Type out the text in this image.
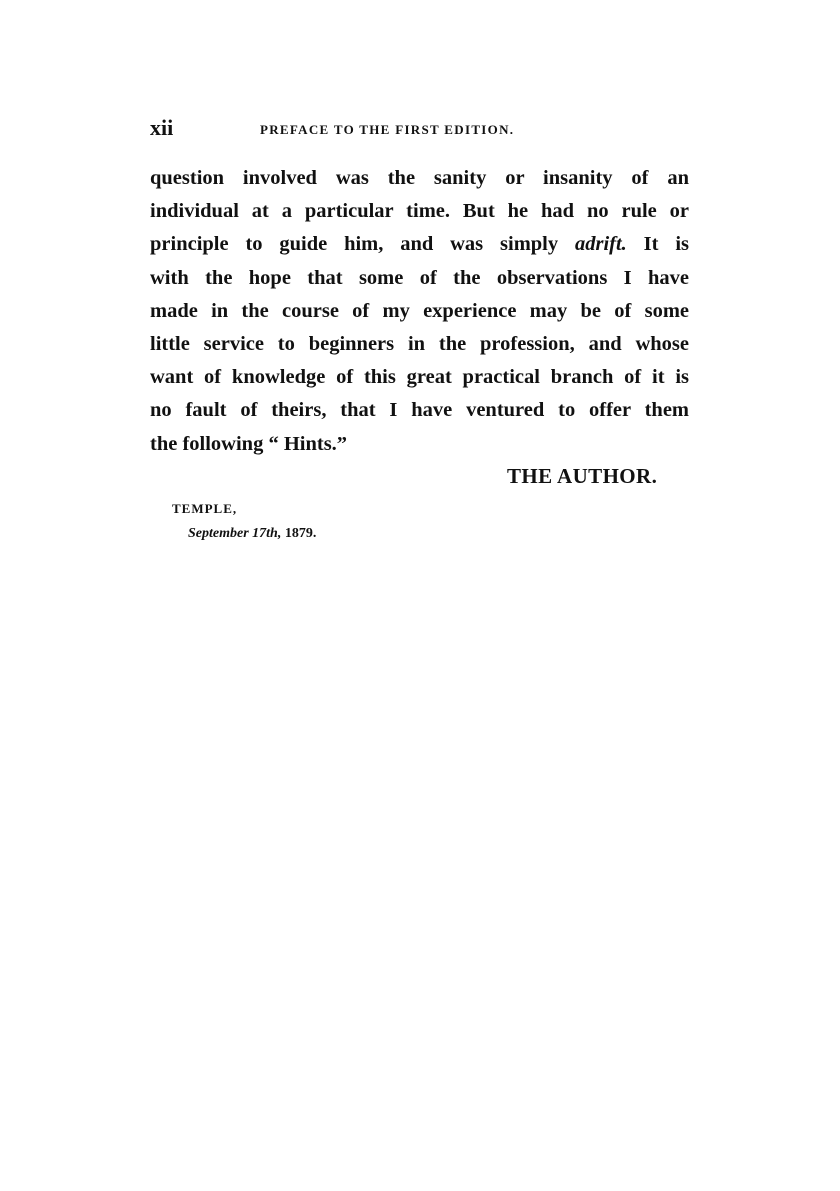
xii	PREFACE TO THE FIRST EDITION.
question involved was the sanity or insanity of an
individual at a particular time. But he had no rule or
principle to guide him, and was simply adrift. It is
with the hope that some of the observations I have
made in the course of my experience may be of some
little service to beginners in the profession, and whose
want of knowledge of this great practical branch of it is
no fault of theirs, that I have ventured to offer them
the following “ Hints.”
THE AUTHOR.
TEMPLE,
September 17th, 1879.
